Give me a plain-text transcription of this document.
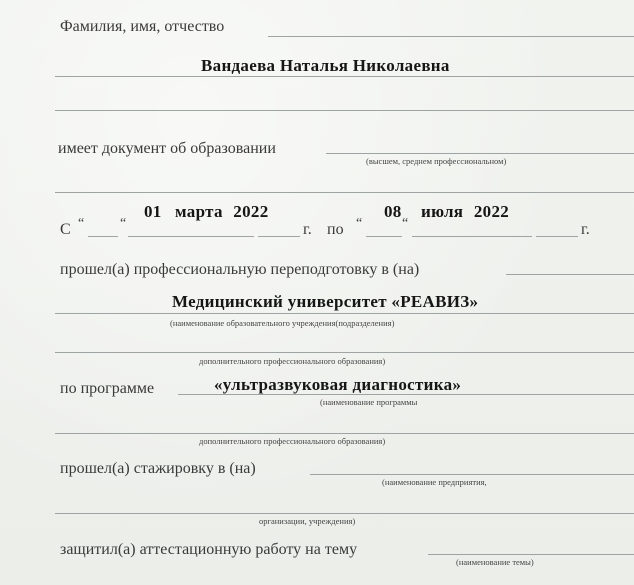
Фамилия, имя, отчество
Вандаева Наталья Николаевна
имеет документ об образовании
(высшем, среднем профессиональном)
С “	“
01 марта 2022
г. по “
08
“
июля 2022
г.
прошел(а) профессиональную переподготовку в (на)
Медицинский университет «РЕАВИЗ»
(наименование образовательного учреждения(подразделения)
дополнительного профессионального образования)
по программе	«ультразвуковая диагностика»
(наименование программы
дополнительного профессионального образования)
прошел(а) стажировку в (на)
(наименование предприятия,
организации, учреждения)
защитил(а) аттестационную работу на тему
(наименование темы)
